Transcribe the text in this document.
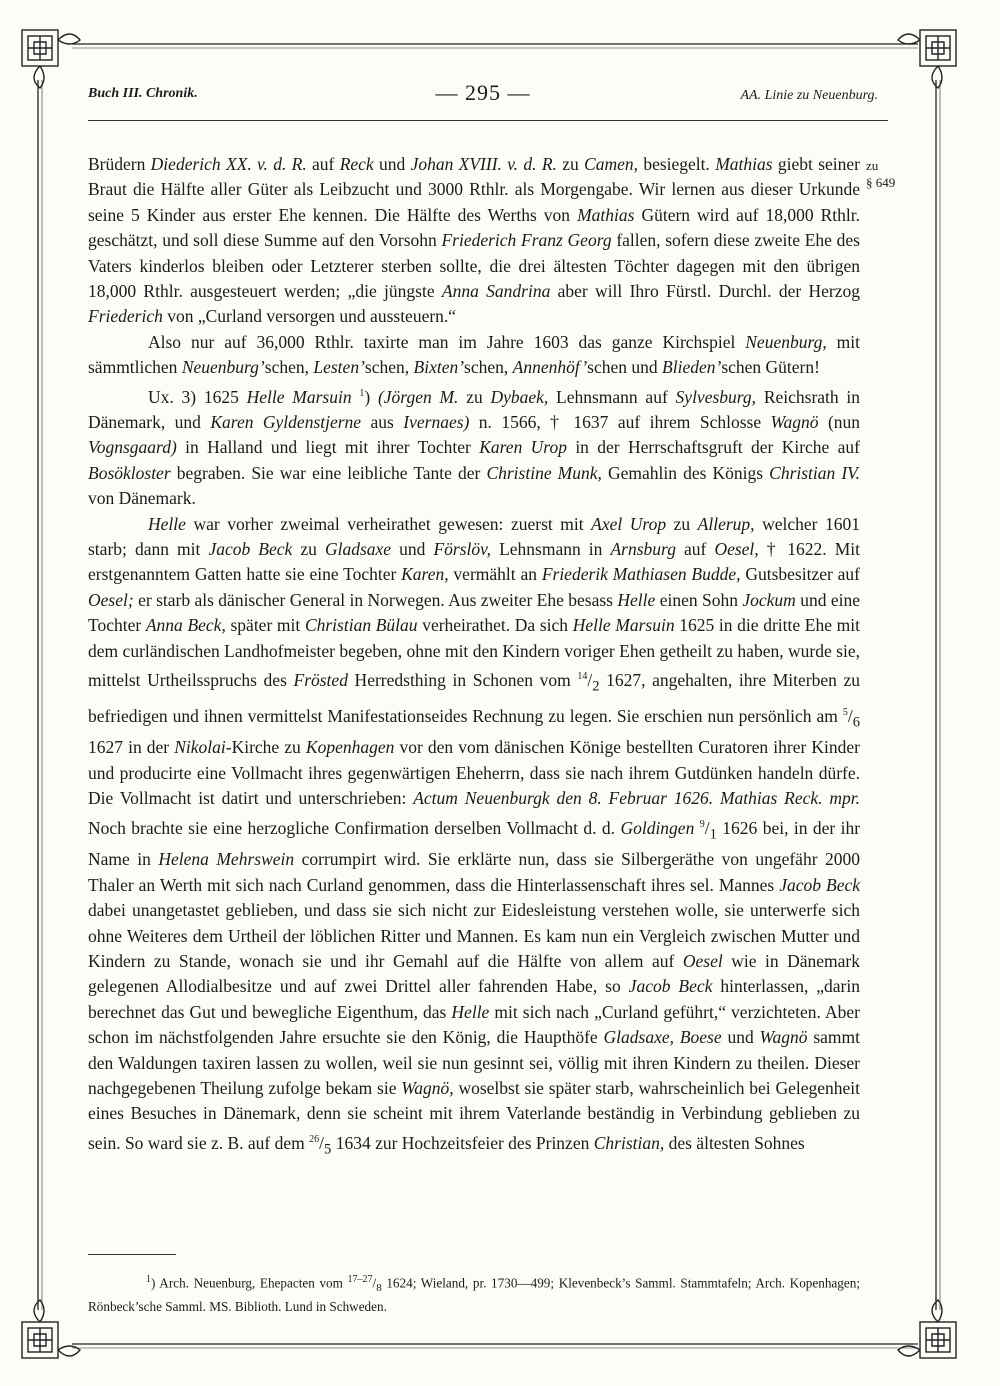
Buch III. Chronik.	— 295 —	AA. Linie zu Neuenburg.
zu
§ 649

Brüdern Diederich XX. v. d. R. auf Reck und Johan XVIII. v. d. R. zu Camen, besiegelt. Mathias giebt seiner Braut die Hälfte aller Güter als Leibzucht und 3000 Rthlr. als Morgengabe. Wir lernen aus dieser Urkunde seine 5 Kinder aus erster Ehe kennen. Die Hälfte des Werths von Mathias Gütern wird auf 18,000 Rthlr. geschätzt, und soll diese Summe auf den Vorsohn Friederich Franz Georg fallen, sofern diese zweite Ehe des Vaters kinderlos bleiben oder Letzterer sterben sollte, die drei ältesten Töchter dagegen mit den übrigen 18,000 Rthlr. ausgesteuert werden; „die jüngste Anna Sandrina aber will Ihro Fürstl. Durchl. der Herzog Friederich von „Curland versorgen und aussteuern.“

Also nur auf 36,000 Rthlr. taxirte man im Jahre 1603 das ganze Kirchspiel Neuenburg, mit sämmtlichen Neuenburg’schen, Lesten’schen, Bixten’schen, Annenhöf’schen und Blieden’schen Gütern!

Ux. 3) 1625 Helle Marsuin $^1$) (Jörgen M. zu Dybaek, Lehnsmann auf Sylvesburg, Reichsrath in Dänemark, und Karen Gyldenstjerne aus Ivernaes) n. 1566, † 1637 auf ihrem Schlosse Wagnö (nun Vognsgaard) in Halland und liegt mit ihrer Tochter Karen Urop in der Herrschaftsgruft der Kirche auf Bosökloster begraben. Sie war eine leibliche Tante der Christine Munk, Gemahlin des Königs Christian IV. von Dänemark.

Helle war vorher zweimal verheirathet gewesen: zuerst mit Axel Urop zu Allerup, welcher 1601 starb; dann mit Jacob Beck zu Gladsaxe und Förslöv, Lehnsmann in Arnsburg auf Oesel, † 1622. Mit erstgenanntem Gatten hatte sie eine Tochter Karen, vermählt an Friederik Mathiasen Budde, Gutsbesitzer auf Oesel; er starb als dänischer General in Norwegen. Aus zweiter Ehe besass Helle einen Sohn Jockum und eine Tochter Anna Beck, später mit Christian Bülau verheirathet. Da sich Helle Marsuin 1625 in die dritte Ehe mit dem curländischen Landhofmeister begeben, ohne mit den Kindern voriger Ehen getheilt zu haben, wurde sie, mittelst Urtheilsspruchs des Frösted Herredsthing in Schonen vom $^{14}/_2$ 1627, angehalten, ihre Miterben zu befriedigen und ihnen vermittelst Manifestationseides Rechnung zu legen. Sie erschien nun persönlich am $^5/_6$ 1627 in der Nikolai-Kirche zu Kopenhagen vor den vom dänischen Könige bestellten Curatoren ihrer Kinder und producirte eine Vollmacht ihres gegenwärtigen Eheherrn, dass sie nach ihrem Gutdünken handeln dürfe. Die Vollmacht ist datirt und unterschrieben: Actum Neuenburgk den 8. Februar 1626. Mathias Reck. mpr. Noch brachte sie eine herzogliche Confirmation derselben Vollmacht d. d. Goldingen $^9/_1$ 1626 bei, in der ihr Name in Helena Mehrswein corrumpirt wird. Sie erklärte nun, dass sie Silbergeräthe von ungefähr 2000 Thaler an Werth mit sich nach Curland genommen, dass die Hinterlassenschaft ihres sel. Mannes Jacob Beck dabei unangetastet geblieben, und dass sie sich nicht zur Eidesleistung verstehen wolle, sie unterwerfe sich ohne Weiteres dem Urtheil der löblichen Ritter und Mannen. Es kam nun ein Vergleich zwischen Mutter und Kindern zu Stande, wonach sie und ihr Gemahl auf die Hälfte von allem auf Oesel wie in Dänemark gelegenen Allodialbesitze und auf zwei Drittel aller fahrenden Habe, so Jacob Beck hinterlassen, „darin berechnet das Gut und bewegliche Eigenthum, das Helle mit sich nach „Curland geführt,“ verzichteten. Aber schon im nächstfolgenden Jahre ersuchte sie den König, die Haupthöfe Gladsaxe, Boese und Wagnö sammt den Waldungen taxiren lassen zu wollen, weil sie nun gesinnt sei, völlig mit ihren Kindern zu theilen. Dieser nachgegebenen Theilung zufolge bekam sie Wagnö, woselbst sie später starb, wahrscheinlich bei Gelegenheit eines Besuches in Dänemark, denn sie scheint mit ihrem Vaterlande beständig in Verbindung geblieben zu sein. So ward sie z. B. auf dem $^{26}/_5$ 1634 zur Hochzeitsfeier des Prinzen Christian, des ältesten Sohnes

$^1$) Arch. Neuenburg, Ehepacten vom $^{17-27}/_8$ 1624; Wieland, pr. 1730—499; Klevenbeck’s Samml. Stammtafeln; Arch. Kopenhagen; Rönbeck’sche Samml. MS. Biblioth. Lund in Schweden.
